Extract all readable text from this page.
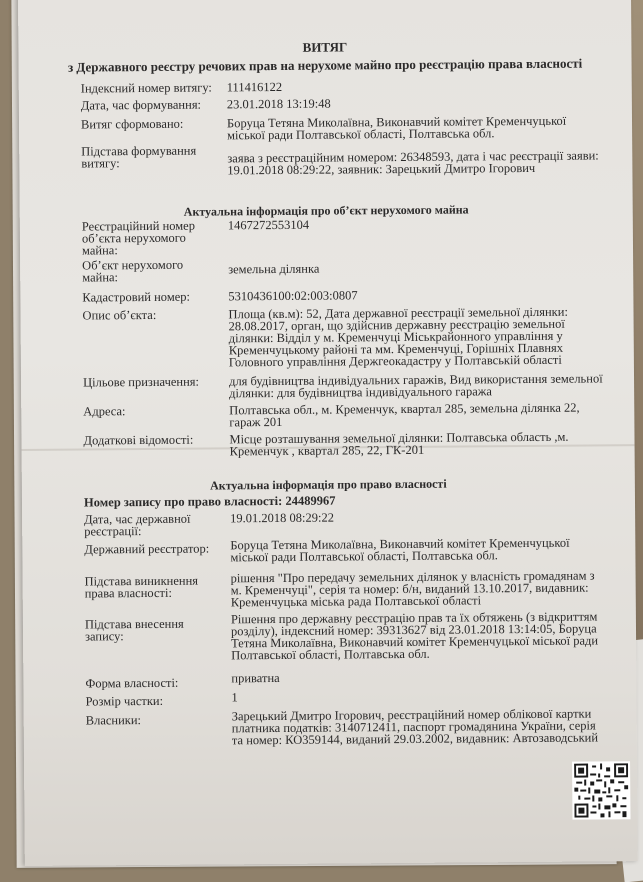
ВИТЯГ
з Державного реєстру речових прав на нерухоме майно про реєстрацію права власності
Індексний номер витягу:	111416122
Дата, час формування:	23.01.2018 13:19:48
Витяг сформовано:	Боруца Тетяна Миколаївна, Виконавчий комітет Кременчуцької міської ради Полтавської області, Полтавська обл.
Підстава формування витягу:	заява з реєстраційним номером: 26348593, дата і час реєстрації заяви: 19.01.2018 08:29:22, заявник: Зарецький Дмитро Ігорович
Актуальна інформація про об’єкт нерухомого майна
Реєстраційний номер об’єкта нерухомого майна:
1467272553104
Об’єкт нерухомого майна:
земельна ділянка
Кадастровий номер:	5310436100:02:003:0807
Опис об’єкта:	Площа (кв.м): 52, Дата державної реєстрації земельної ділянки: 28.08.2017, орган, що здійснив державну реєстрацію земельної ділянки: Відділ у м. Кременчуці Міськрайонного управління у Кременчуцькому районі та мм. Кременчуці, Горішніх Плавнях Головного управління Держгеокадастру у Полтавській області
Цільове призначення:	для будівництва індивідуальних гаражів, Вид використання земельної ділянки: для будівництва індивідуального гаража
Адреса:	Полтавська обл., м. Кременчук, квартал 285, земельна ділянка 22, гараж 201
Додаткові відомості:	Місце розташування земельної ділянки: Полтавська область ,м. Кременчук , квартал 285, 22, ГК-201
Актуальна інформація про право власності
Номер запису про право власності: 24489967
Дата, час державної реєстрації:
19.01.2018 08:29:22
Державний реєстратор:	Боруца Тетяна Миколаївна, Виконавчий комітет Кременчуцької міської ради Полтавської області, Полтавська обл.
Підстава виникнення права власності:
рішення "Про передачу земельних ділянок у власність громадянам з м. Кременчуці", серія та номер: б/н, виданий 13.10.2017, видавник: Кременчуцька міська рада Полтавської області
Підстава внесення запису:
Рішення про державну реєстрацію прав та їх обтяжень (з відкриттям розділу), індексний номер: 39313627 від 23.01.2018 13:14:05, Боруца Тетяна Миколаївна, Виконавчий комітет Кременчуцької міської ради Полтавської області, Полтавська обл.
Форма власності:	приватна
Розмір частки:	1
Власники:	Зарецький Дмитро Ігорович, реєстраційний номер облікової картки платника податків: 3140712411, паспорт громадянина України, серія та номер: КО359144, виданий 29.03.2002, видавник: Автозаводський
